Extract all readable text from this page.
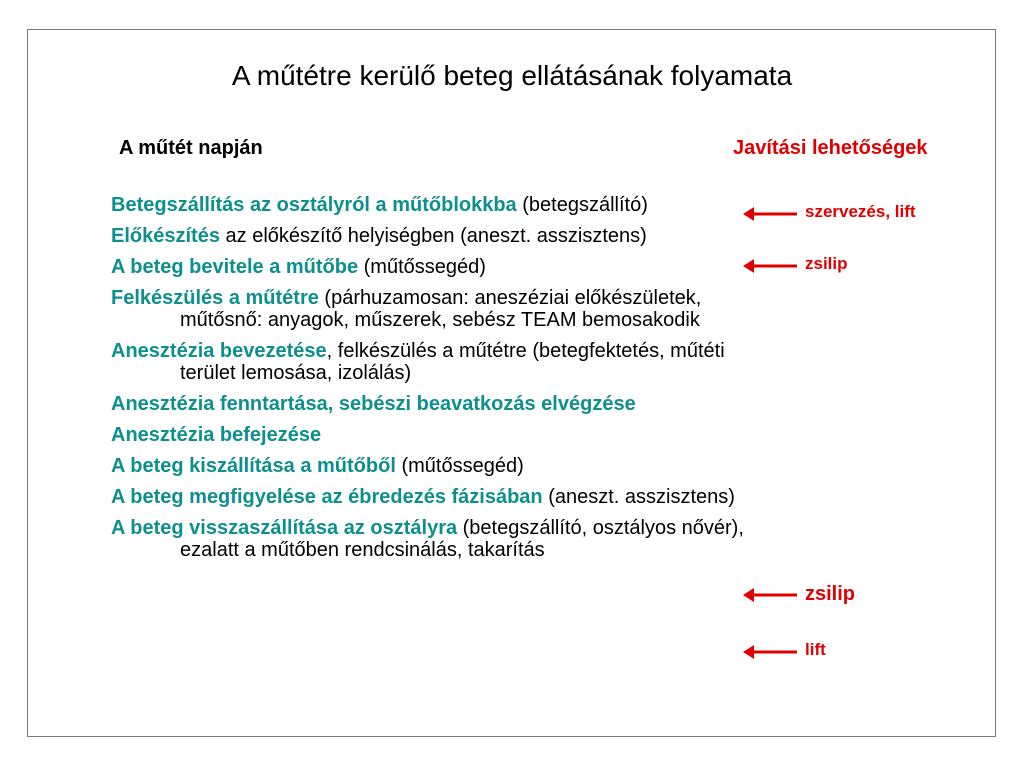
A műtétre kerülő beteg ellátásának folyamata
A műtét napján	Javítási lehetőségek
Betegszállítás az osztályról a műtőblokkba (betegszállító)
Előkészítés az előkészítő helyiségben (aneszt. asszisztens)
A beteg bevitele a műtőbe (műtőssegéd)
Felkészülés a műtétre (párhuzamosan: aneszéziai előkészületek, műtősnő: anyagok, műszerek, sebész TEAM bemosakodik
Anesztézia bevezetése, felkészülés a műtétre (betegfektetés, műtéti terület lemosása, izolálás)
Anesztézia fenntartása, sebészi beavatkozás elvégzése
Anesztézia befejezése
A beteg kiszállítása a műtőből (műtőssegéd)
A beteg megfigyelése az ébredezés fázisában (aneszt. asszisztens)
A beteg visszaszállítása az osztályra (betegszállító, osztályos nővér), ezalatt a műtőben rendcsinálás, takarítás
szervezés, lift
zsilip
zsilip
lift
